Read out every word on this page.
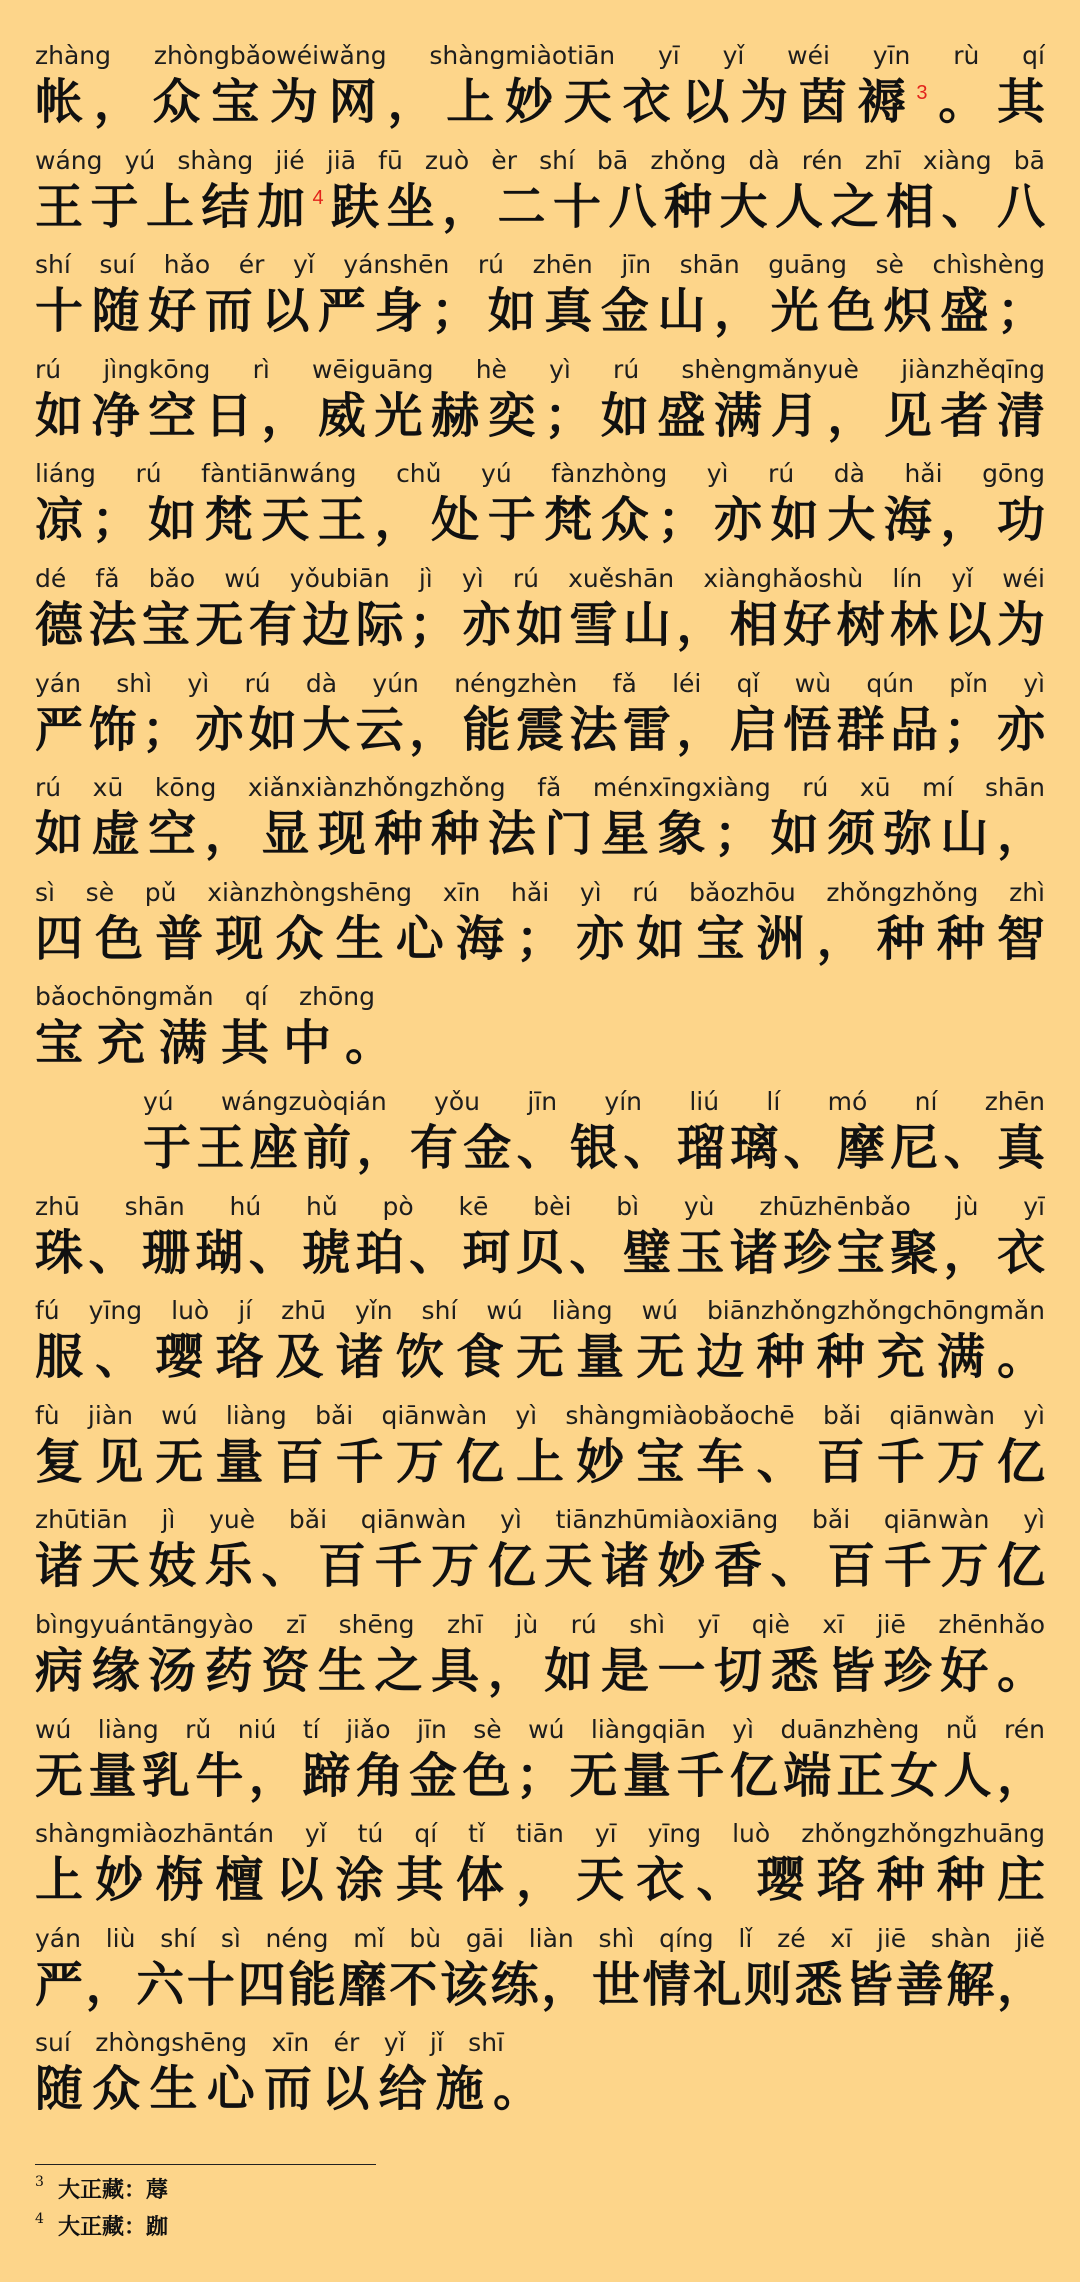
zhàng zhòngbǎowéiwǎng shàngmiàotiān yī yǐ wéi yīn rù qí
帐，众宝为网，上妙天衣以为茵褥$^3$。其
wáng yú shàng jié jiā fū zuò èr shí bā zhǒng dà rén zhī xiàng bā
王于上结加$^4$趺坐，二十八种大人之相、八
shí suí hǎo ér yǐ yánshēn rú zhēn jīn shān guāng sè chìshèng
十随好而以严身；如真金山，光色炽盛；
rú jìngkōng rì wēiguāng hè yì rú shèngmǎnyuè jiànzhěqīng
如净空日，威光赫奕；如盛满月，见者清
liáng rú fàntiānwáng chǔ yú fànzhòng yì rú dà hǎi gōng
凉；如梵天王，处于梵众；亦如大海，功
dé fǎ bǎo wú yǒubiān jì yì rú xuěshān xiànghǎoshù lín yǐ wéi
德法宝无有边际；亦如雪山，相好树林以为
yán shì yì rú dà yún néngzhèn fǎ léi qǐ wù qún pǐn yì
严饰；亦如大云，能震法雷，启悟群品；亦
rú xū kōng xiǎnxiànzhǒngzhǒng fǎ ménxīngxiàng rú xū mí shān
如虚空，显现种种法门星象；如须弥山，
sì sè pǔ xiànzhòngshēng xīn hǎi yì rú bǎozhōu zhǒngzhǒng zhì
四色普现众生心海；亦如宝洲，种种智
bǎochōngmǎn qí zhōng
宝充满其中。
yú wángzuòqián yǒu jīn yín liú lí mó ní zhēn
于王座前，有金、银、瑠璃、摩尼、真
zhū shān hú hǔ pò kē bèi bì yù zhūzhēnbǎo jù yī
珠、珊瑚、琥珀、珂贝、璧玉诸珍宝聚，衣
fú yīng luò jí zhū yǐn shí wú liàng wú biānzhǒngzhǒngchōngmǎn
服、璎珞及诸饮食无量无边种种充满。
fù jiàn wú liàng bǎi qiānwàn yì shàngmiàobǎochē bǎi qiānwàn yì
复见无量百千万亿上妙宝车、百千万亿
zhūtiān jì yuè bǎi qiānwàn yì tiānzhūmiàoxiāng bǎi qiānwàn yì
诸天妓乐、百千万亿天诸妙香、百千万亿
bìngyuántāngyào zī shēng zhī jù rú shì yī qiè xī jiē zhēnhǎo
病缘汤药资生之具，如是一切悉皆珍好。
wú liàng rǔ niú tí jiǎo jīn sè wú liàngqiān yì duānzhèng nǚ rén
无量乳牛，蹄角金色；无量千亿端正女人，
shàngmiàozhāntán yǐ tú qí tǐ tiān yī yīng luò zhǒngzhǒngzhuāng
上妙栴檀以涂其体，天衣、璎珞种种庄
yán liù shí sì néng mǐ bù gāi liàn shì qíng lǐ zé xī jiē shàn jiě
严，六十四能靡不该练，世情礼则悉皆善解，
suí zhòngshēng xīn ér yǐ jǐ shī
随众生心而以给施。
3 大正藏：蓐
4 大正藏：跏
